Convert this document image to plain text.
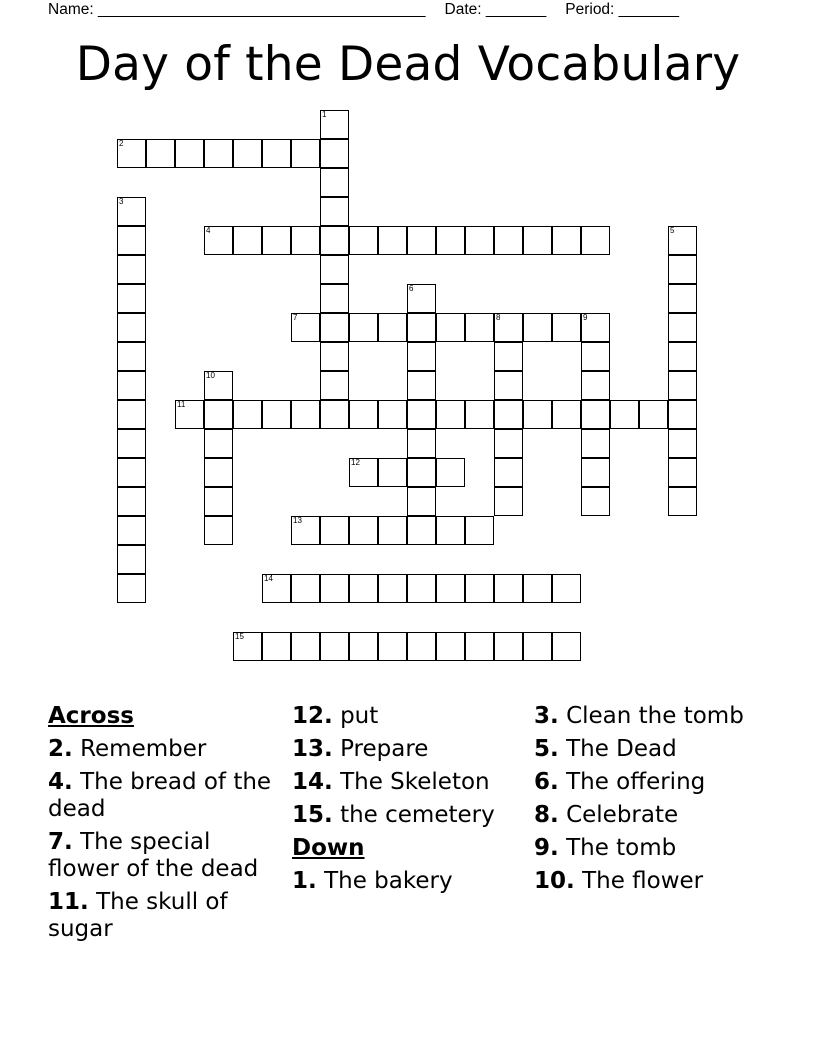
Name: ______________________________________ Date: _______ Period: _______
Day of the Dead Vocabulary
1
2
3
4	5
6
7	8	9
10
11
12
13
14
15
Across
2. Remember
4. The bread of the dead
7. The special flower of the dead
11. The skull of sugar
12. put
13. Prepare
14. The Skeleton
15. the cemetery
Down
1. The bakery
3. Clean the tomb
5. The Dead
6. The offering
8. Celebrate
9. The tomb
10. The flower
